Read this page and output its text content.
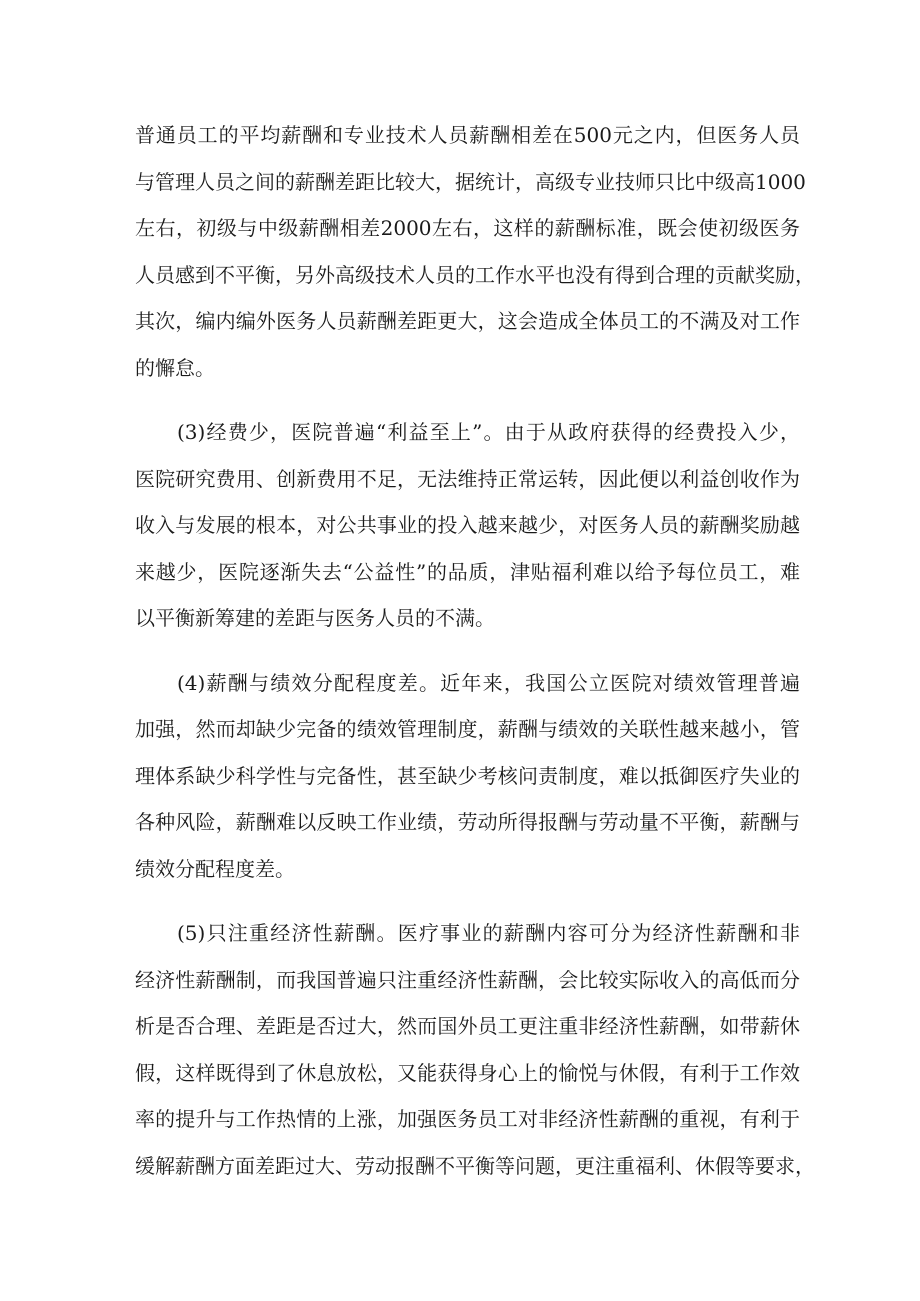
普通员工的平均薪酬和专业技术人员薪酬相差在500元之内，但医务人员
与管理人员之间的薪酬差距比较大，据统计，高级专业技师只比中级高1000
左右，初级与中级薪酬相差2000左右，这样的薪酬标准，既会使初级医务
人员感到不平衡，另外高级技术人员的工作水平也没有得到合理的贡献奖励，
其次，编内编外医务人员薪酬差距更大，这会造成全体员工的不满及对工作
的懈怠。
(3)经费少，医院普遍“利益至上”。由于从政府获得的经费投入少，
医院研究费用、创新费用不足，无法维持正常运转，因此便以利益创收作为
收入与发展的根本，对公共事业的投入越来越少，对医务人员的薪酬奖励越
来越少，医院逐渐失去“公益性”的品质，津贴福利难以给予每位员工，难
以平衡新筹建的差距与医务人员的不满。
(4)薪酬与绩效分配程度差。近年来，我国公立医院对绩效管理普遍
加强，然而却缺少完备的绩效管理制度，薪酬与绩效的关联性越来越小，管
理体系缺少科学性与完备性，甚至缺少考核问责制度，难以抵御医疗失业的
各种风险，薪酬难以反映工作业绩，劳动所得报酬与劳动量不平衡，薪酬与
绩效分配程度差。
(5)只注重经济性薪酬。医疗事业的薪酬内容可分为经济性薪酬和非
经济性薪酬制，而我国普遍只注重经济性薪酬，会比较实际收入的高低而分
析是否合理、差距是否过大，然而国外员工更注重非经济性薪酬，如带薪休
假，这样既得到了休息放松，又能获得身心上的愉悦与休假，有利于工作效
率的提升与工作热情的上涨，加强医务员工对非经济性薪酬的重视，有利于
缓解薪酬方面差距过大、劳动报酬不平衡等问题，更注重福利、休假等要求，
